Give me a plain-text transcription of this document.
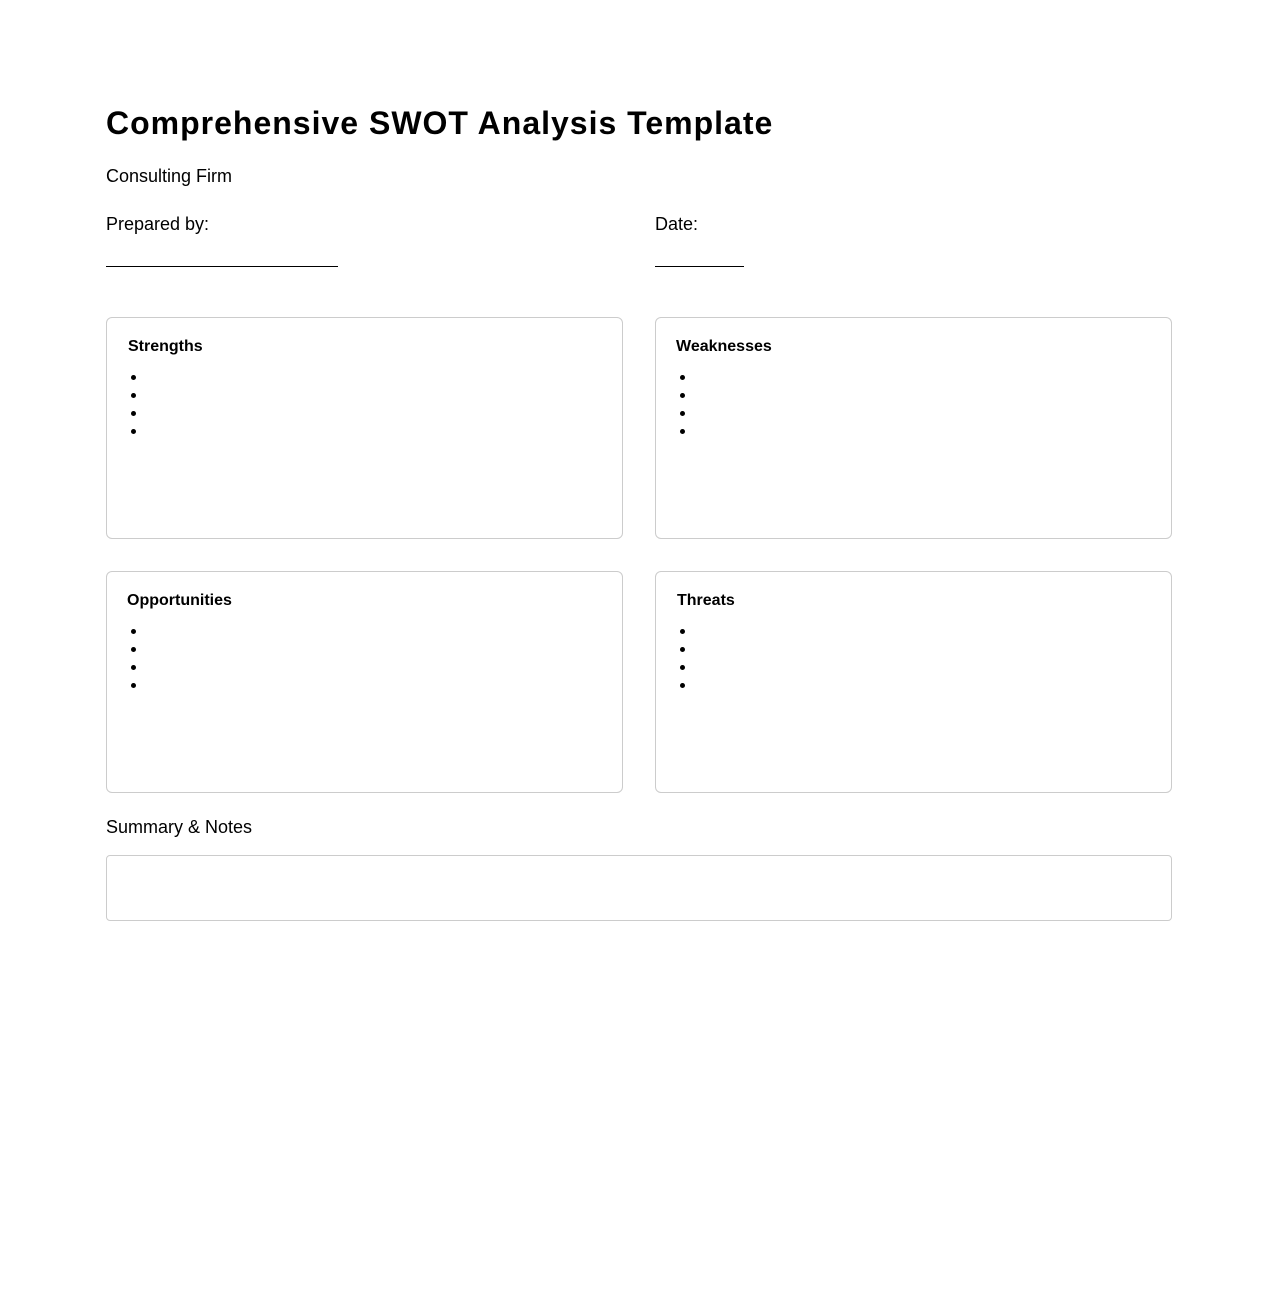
Comprehensive SWOT Analysis Template
Consulting Firm
Prepared by:	Date:
Strengths	Weaknesses
Opportunities	Threats
Summary & Notes
